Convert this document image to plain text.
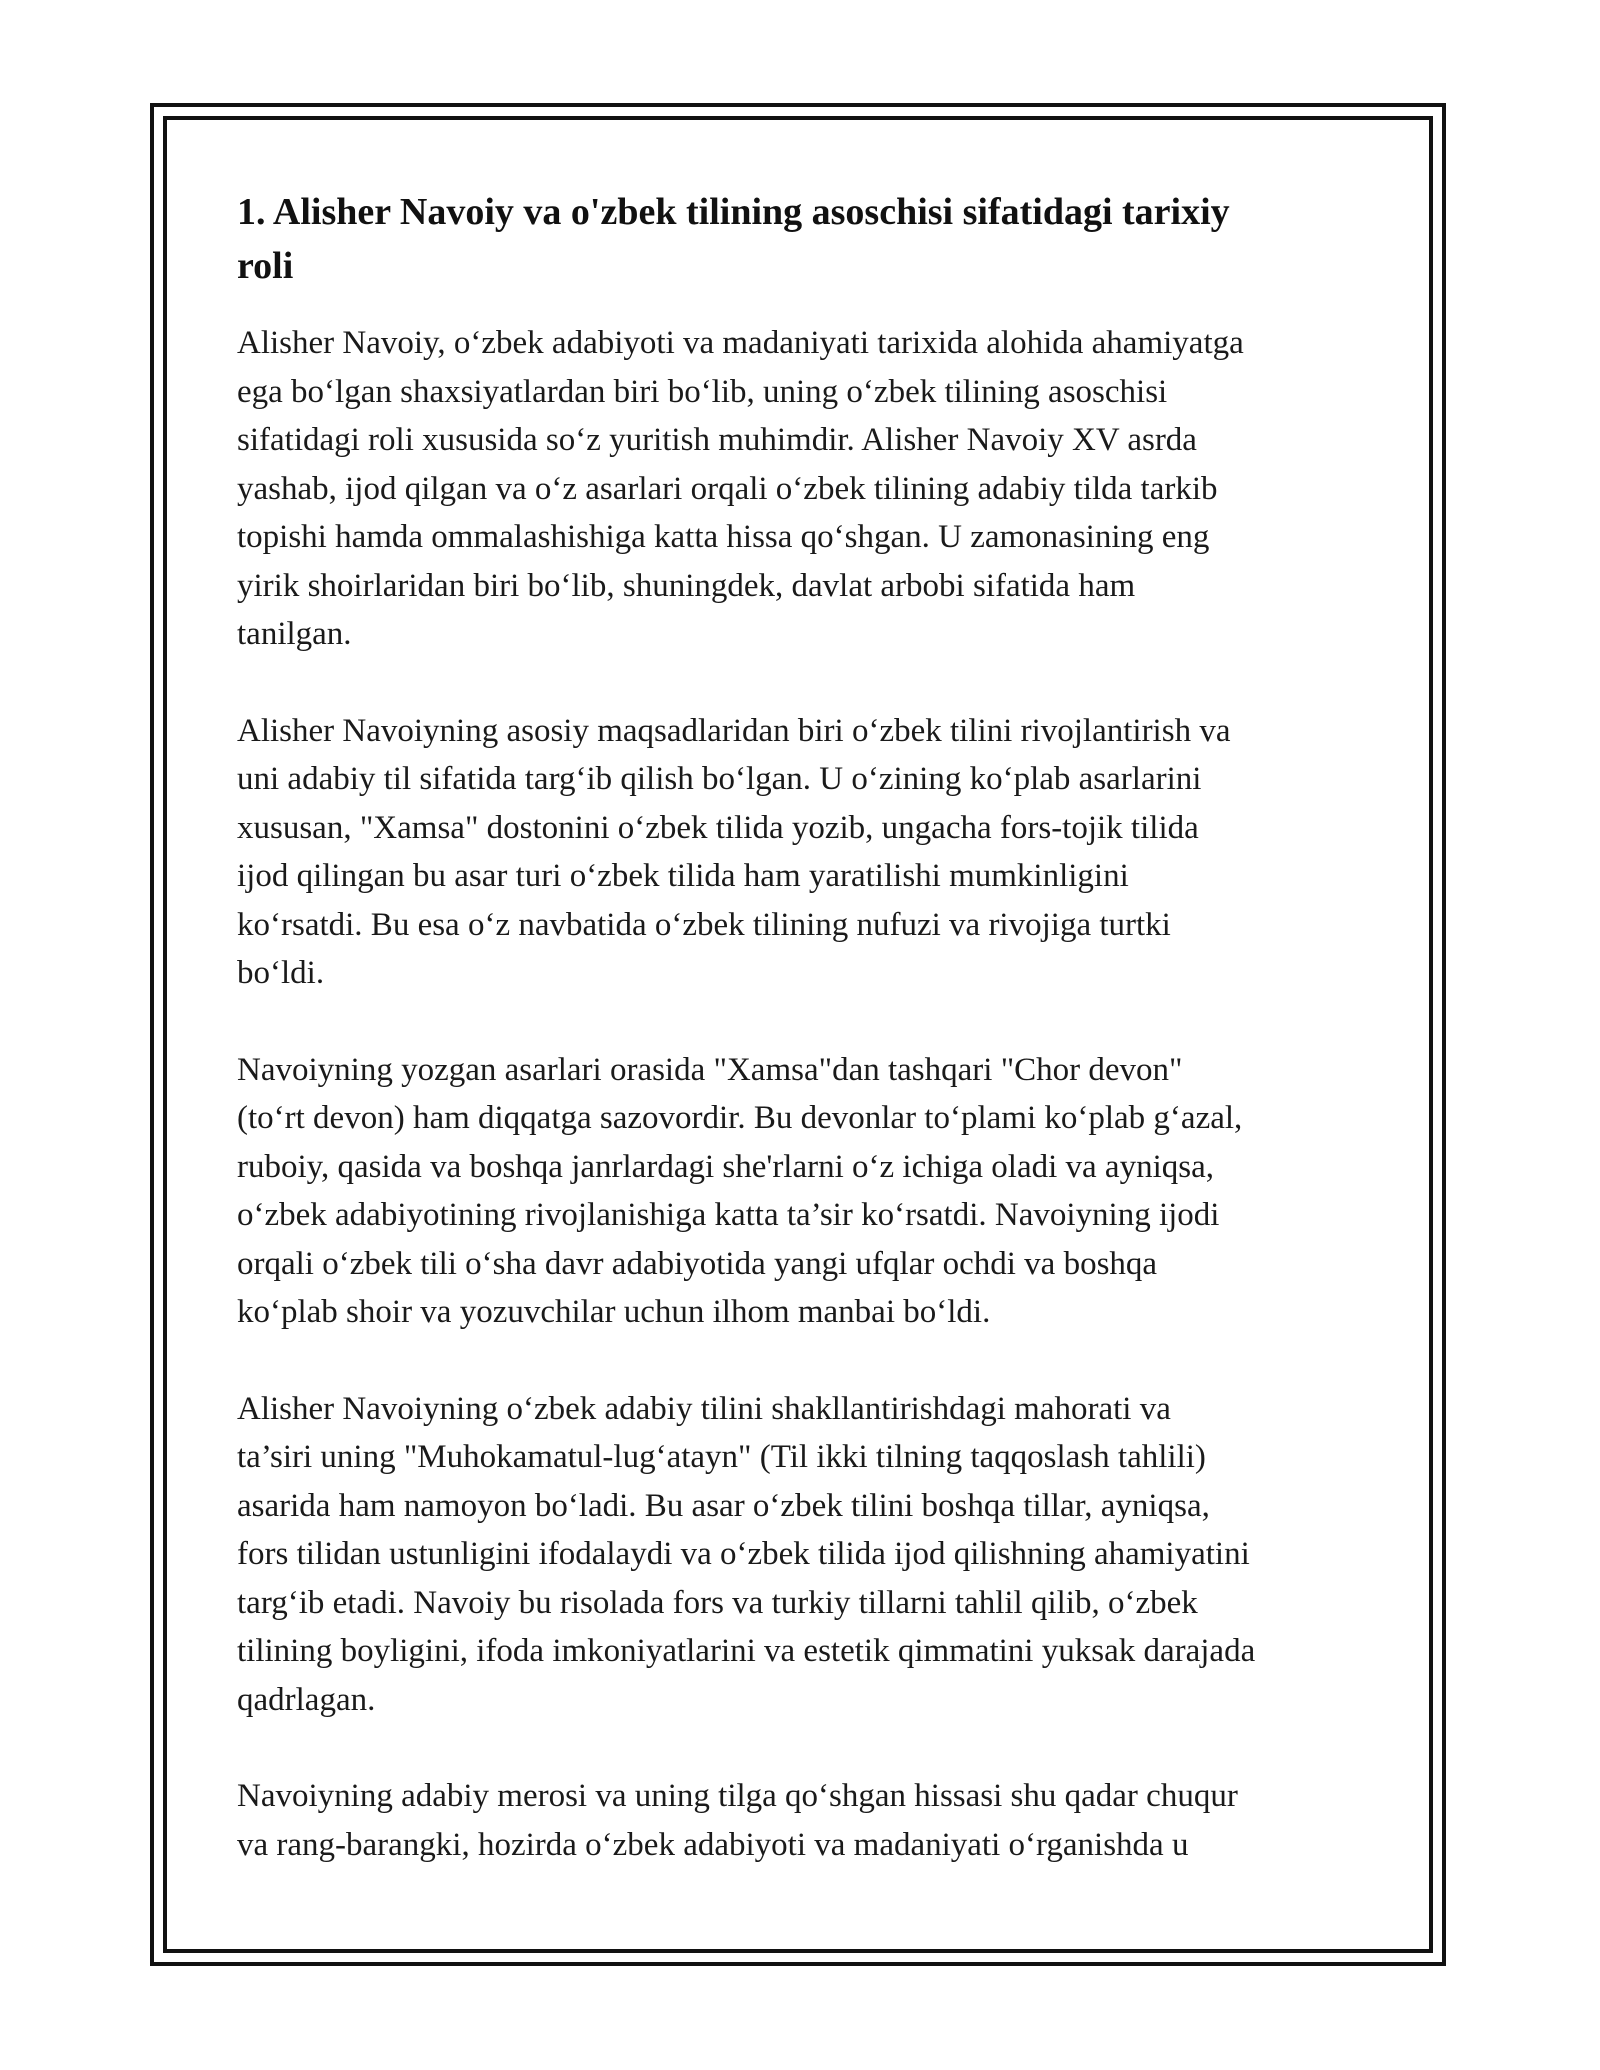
1. Alisher Navoiy va o'zbek tilining asoschisi sifatidagi tarixiy
roli

Alisher Navoiy, o‘zbek adabiyoti va madaniyati tarixida alohida ahamiyatga
ega bo‘lgan shaxsiyatlardan biri bo‘lib, uning o‘zbek tilining asoschisi
sifatidagi roli xususida so‘z yuritish muhimdir. Alisher Navoiy XV asrda
yashab, ijod qilgan va o‘z asarlari orqali o‘zbek tilining adabiy tilda tarkib
topishi hamda ommalashishiga katta hissa qo‘shgan. U zamonasining eng
yirik shoirlaridan biri bo‘lib, shuningdek, davlat arbobi sifatida ham
tanilgan.

Alisher Navoiyning asosiy maqsadlaridan biri o‘zbek tilini rivojlantirish va
uni adabiy til sifatida targ‘ib qilish bo‘lgan. U o‘zining ko‘plab asarlarini
xususan, "Xamsa" dostonini o‘zbek tilida yozib, ungacha fors-tojik tilida
ijod qilingan bu asar turi o‘zbek tilida ham yaratilishi mumkinligini
ko‘rsatdi. Bu esa o‘z navbatida o‘zbek tilining nufuzi va rivojiga turtki
bo‘ldi.

Navoiyning yozgan asarlari orasida "Xamsa"dan tashqari "Chor devon"
(to‘rt devon) ham diqqatga sazovordir. Bu devonlar to‘plami ko‘plab g‘azal,
ruboiy, qasida va boshqa janrlardagi she'rlarni o‘z ichiga oladi va ayniqsa,
o‘zbek adabiyotining rivojlanishiga katta ta’sir ko‘rsatdi. Navoiyning ijodi
orqali o‘zbek tili o‘sha davr adabiyotida yangi ufqlar ochdi va boshqa
ko‘plab shoir va yozuvchilar uchun ilhom manbai bo‘ldi.

Alisher Navoiyning o‘zbek adabiy tilini shakllantirishdagi mahorati va
ta’siri uning "Muhokamatul-lug‘atayn" (Til ikki tilning taqqoslash tahlili)
asarida ham namoyon bo‘ladi. Bu asar o‘zbek tilini boshqa tillar, ayniqsa,
fors tilidan ustunligini ifodalaydi va o‘zbek tilida ijod qilishning ahamiyatini
targ‘ib etadi. Navoiy bu risolada fors va turkiy tillarni tahlil qilib, o‘zbek
tilining boyligini, ifoda imkoniyatlarini va estetik qimmatini yuksak darajada
qadrlagan.

Navoiyning adabiy merosi va uning tilga qo‘shgan hissasi shu qadar chuqur
va rang-barangki, hozirda o‘zbek adabiyoti va madaniyati o‘rganishda u
